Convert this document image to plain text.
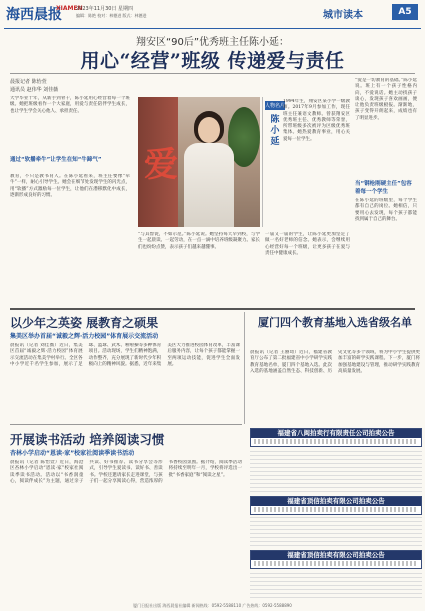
海西晨报
XIAMEN
2023年11月30日 星期四
编辑：陈艳 校对：林德进 版式：林德进	城市读本	A5
翔安区“90后”优秀班主任陈小延：
用心“经营”班级 传递爱与责任
晨报记者 陈怡萱
通讯员 赵伟华 刘佳薇
大学毕业十年，从新手到骨干，陈小延用心经营着每一个班级。她把班级看作一个大家庭，用爱与责任陪伴学生成长，也让学生学会关心他人、承担责任。
通过“软播牵牛”让学生在知“牛蹄气”
教育，不只是教书育人。在陈小延看来，班主任要像“牵牛”一样，耐心引导学生。她会在细节处发现学生的闪光点，用“软播”方式激励每一位学生，让他们在潜移默化中成长，逐渐形成良好的习惯。
爱
人物名片
陈小延
1994年生，翔安区某小学一级教师。2017年9月参加工作，现任班主任兼语文教师。曾获翔安区优秀班主任、优秀教师等荣誉，所带班级多次被评为区级优秀班集体。她热爱教育事业，用心关爱每一位学生。
“与其督促，不如示范。”陈小延说。她坚持每天早到校，与学生一起晨读、一起劳动，在一点一滴中培养班级凝聚力。家长们也纷纷点赞，表示孩子们越来越懂事。
一届又一届的学生，让陈小延更加坚定了做一名好老师的信念。她表示，会继续用心经营好每一个班级，让更多孩子在爱与责任中健康成长。
“爱是一切教育的基础。”陈小延说。班上有一个孩子性格内向，不爱说话。她主动找孩子谈心，发现孩子喜欢画画，便让他负责班级板报。渐渐地，孩子变得开朗起来，成绩也有了明显进步。
当“钢枪刚硬主任”包容着每一个学生
在陈小延的班级里，每个学生都有自己的岗位。她相信，只要用心去发现，每个孩子都能找到属于自己的舞台。
以少年之英姿 展教育之硕果
集美区举办首届“诚毅之辉·活力校园”体育展示交流活动
晨报讯（记者 刘佳薇）近日，集美区首届“诚毅之辉·活力校园”体育展示交流活动在集美学村举行。全区各中小学近千名学生参加，展示了足球、篮球、武术、啦啦操等多种体育项目。活动现场，学生们精神饱满，动作整齐，充分展现了新时代少年积极向上的精神风貌。据悉，近年来集美区大力推进校园体育改革，丰富课后服务内容，让每个孩子都能掌握一至两项运动技能，促进学生全面发展。
厦门四个教育基地入选省级名单
晨报讯（记者 王丽琦）近日，福建省教育厅公布了第二批福建省中小学研学实践教育基地名单，厦门四个基地入选。此次入选的基地涵盖自然生态、科技创新、历史文化等多个领域，将为中小学生提供更加丰富的研学实践课程。下一步，厦门将加强基地建设与管理，推动研学实践教育高质量发展。
开展读书活动 培养阅读习惯
杏林小学启动“恩读·家”校家社阅读季读书活动
晨报讯（记者 陈怡萱）近日，海沧区杏林小学启动“恩读·家”校家社阅读季读书活动。活动以“书香润童心，阅读伴成长”为主题，通过亲子共读、好书推荐、读书分享会等形式，引导学生爱读书、读好书、善读书。学校还邀请家长走进课堂，与孩子们一起分享阅读心得，营造浓厚的书香校园氛围。据介绍，阅读季活动将持续至明年一月，学校将评选出一批“书香家庭”和“阅读之星”。
福建省八闽拍卖行有限责任公司拍卖公告
福建省顶信拍卖有限公司拍卖公告
福建省顶信拍卖有限公司拍卖公告
厦门日报社出版 海西晨报社编辑 新闻热线：0592-5588110 广告热线：0592-5588890
